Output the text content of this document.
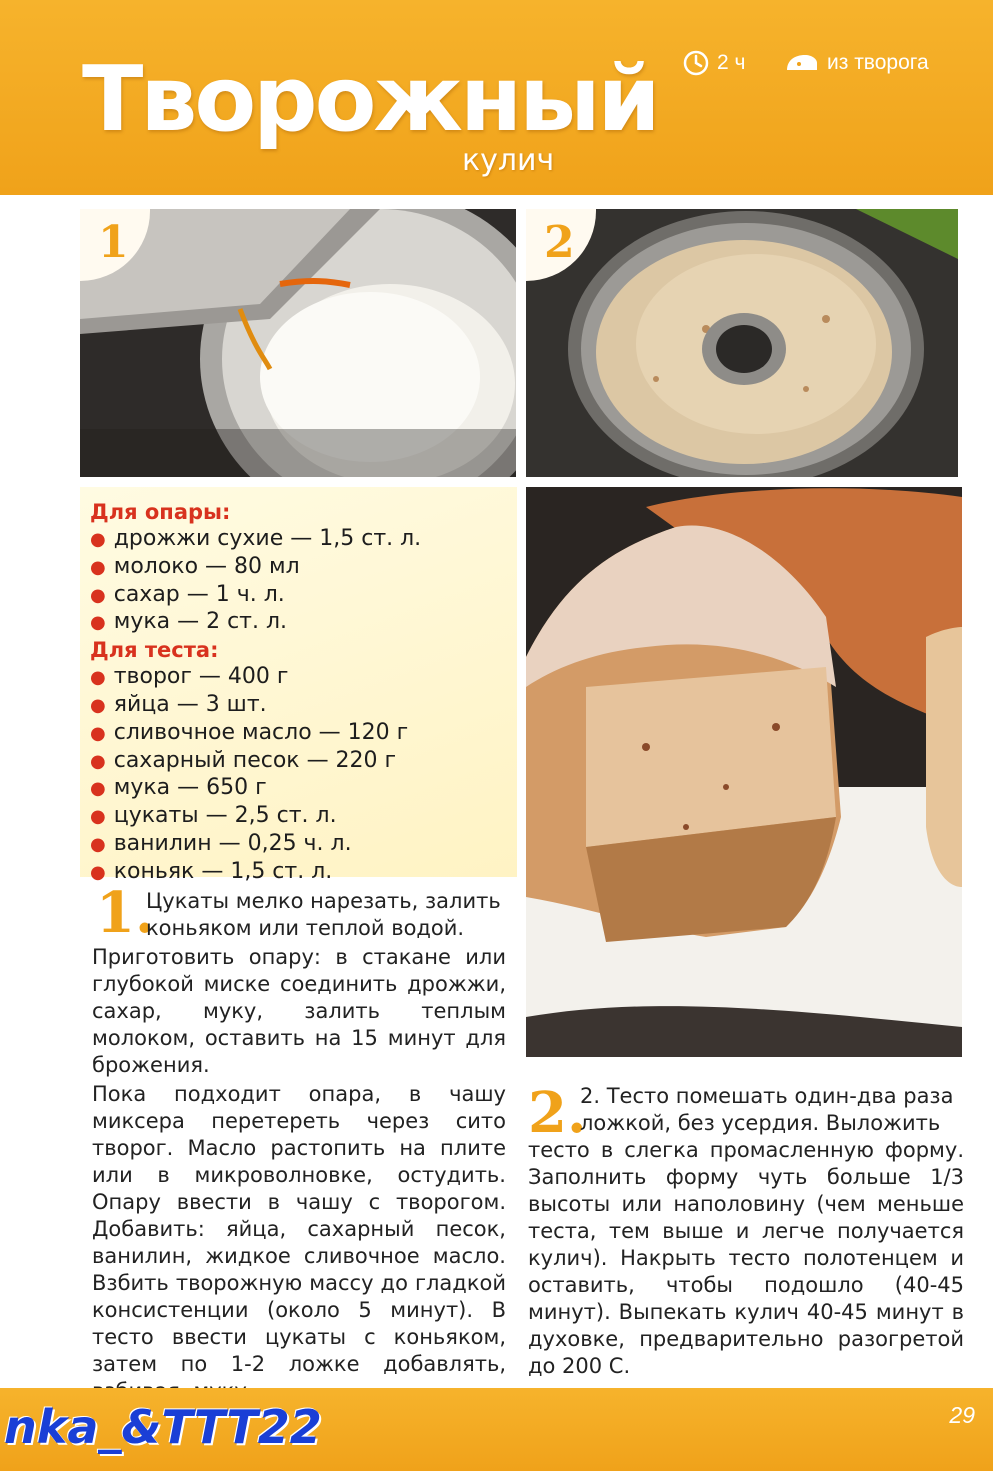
Творожный
кулич
2 ч	из творога
1	2
Для опары:
● дрожжи сухие — 1,5 ст. л.
● молоко — 80 мл
● сахар — 1 ч. л.
● мука — 2 ст. л.
Для теста:
● творог — 400 г
● яйца — 3 шт.
● сливочное масло — 120 г
● сахарный песок — 220 г
● мука — 650 г
● цукаты — 2,5 ст. л.
● ванилин — 0,25 ч. л.
● коньяк — 1,5 ст. л.
1.
Цукаты мелко нарезать, залить
коньяком или теплой водой.

Приготовить опару: в стакане или глубокой миске соединить дрожжи, сахар, муку, залить теплым молоком, оставить на 15 минут для брожения.

Пока подходит опара, в чашу миксера перетереть через сито творог. Масло растопить на плите или в микроволновке, остудить. Опару ввести в чашу с творогом. Добавить: яйца, сахарный песок, ванилин, жидкое сливочное масло. Взбить творожную массу до гладкой консистенции (около 5 минут). В тесто ввести цукаты с коньяком, затем по 1-2 ложке добавлять,

2.
2. Тесто помешать один-два раза
ложкой, без усердия. Выложить

тесто в слегка промасленную форму. Заполнить форму чуть больше 1/3 высоты или наполовину (чем меньше теста, тем выше и легче получается кулич). Накрыть тесто полотенцем и оставить, чтобы подошло (40-45 минут). Выпекать кулич 40-45 минут в духовке, предварительно разогретой до 200 С.

nka_&TTT22	29
